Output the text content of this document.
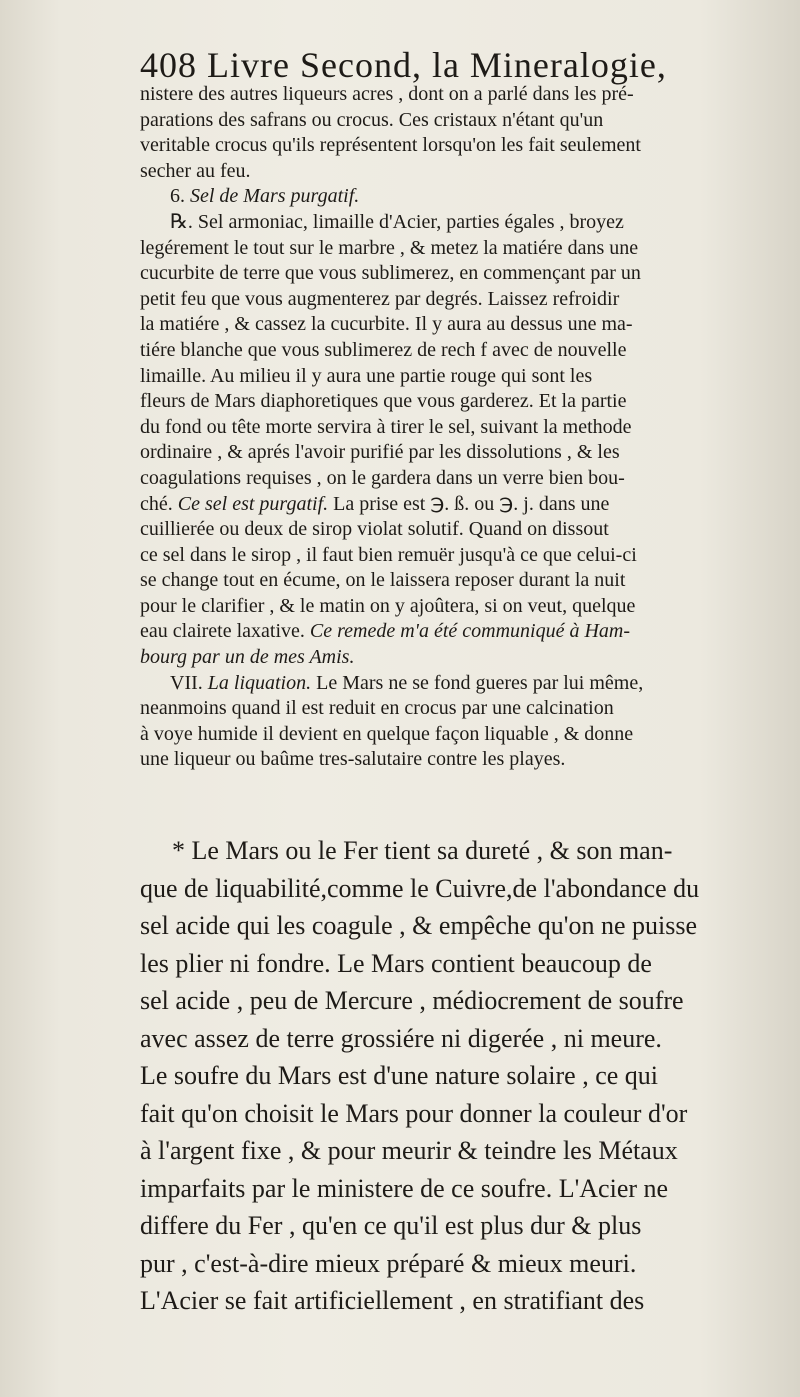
408 Livre Second, la Mineralogie,
nistere des autres liqueurs acres , dont on a parlé dans les pré-
parations des safrans ou crocus. Ces cristaux n'étant qu'un
veritable crocus qu'ils représentent lorsqu'on les fait seulement
secher au feu.
6. Sel de Mars purgatif.
℞. Sel armoniac, limaille d'Acier, parties égales , broyez
legérement le tout sur le marbre , & metez la matiére dans une
cucurbite de terre que vous sublimerez, en commençant par un
petit feu que vous augmenterez par degrés. Laissez refroidir
la matiére , & cassez la cucurbite. Il y aura au dessus une ma-
tiére blanche que vous sublimerez de rech f avec de nouvelle
limaille. Au milieu il y aura une partie rouge qui sont les
fleurs de Mars diaphoretiques que vous garderez. Et la partie
du fond ou tête morte servira à tirer le sel, suivant la methode
ordinaire , & aprés l'avoir purifié par les dissolutions , & les
coagulations requises , on le gardera dans un verre bien bou-
ché. Ce sel est purgatif. La prise est ℈. ß. ou ℈. j. dans une
cuillierée ou deux de sirop violat solutif. Quand on dissout
ce sel dans le sirop , il faut bien remuër jusqu'à ce que celui-ci
se change tout en écume, on le laissera reposer durant la nuit
pour le clarifier , & le matin on y ajoûtera, si on veut, quelque
eau clairete laxative. Ce remede m'a été communiqué à Ham-
bourg par un de mes Amis.
VII. La liquation. Le Mars ne se fond gueres par lui même,
neanmoins quand il est reduit en crocus par une calcination
à voye humide il devient en quelque façon liquable , & donne
une liqueur ou baûme tres-salutaire contre les playes.
* Le Mars ou le Fer tient sa dureté , & son man-
que de liquabilité,comme le Cuivre,de l'abondance du
sel acide qui les coagule , & empêche qu'on ne puisse
les plier ni fondre. Le Mars contient beaucoup de
sel acide , peu de Mercure , médiocrement de soufre
avec assez de terre grossiére ni digerée , ni meure.
Le soufre du Mars est d'une nature solaire , ce qui
fait qu'on choisit le Mars pour donner la couleur d'or
à l'argent fixe , & pour meurir & teindre les Métaux
imparfaits par le ministere de ce soufre. L'Acier ne
differe du Fer , qu'en ce qu'il est plus dur & plus
pur , c'est-à-dire mieux préparé & mieux meuri.
L'Acier se fait artificiellement , en stratifiant des
